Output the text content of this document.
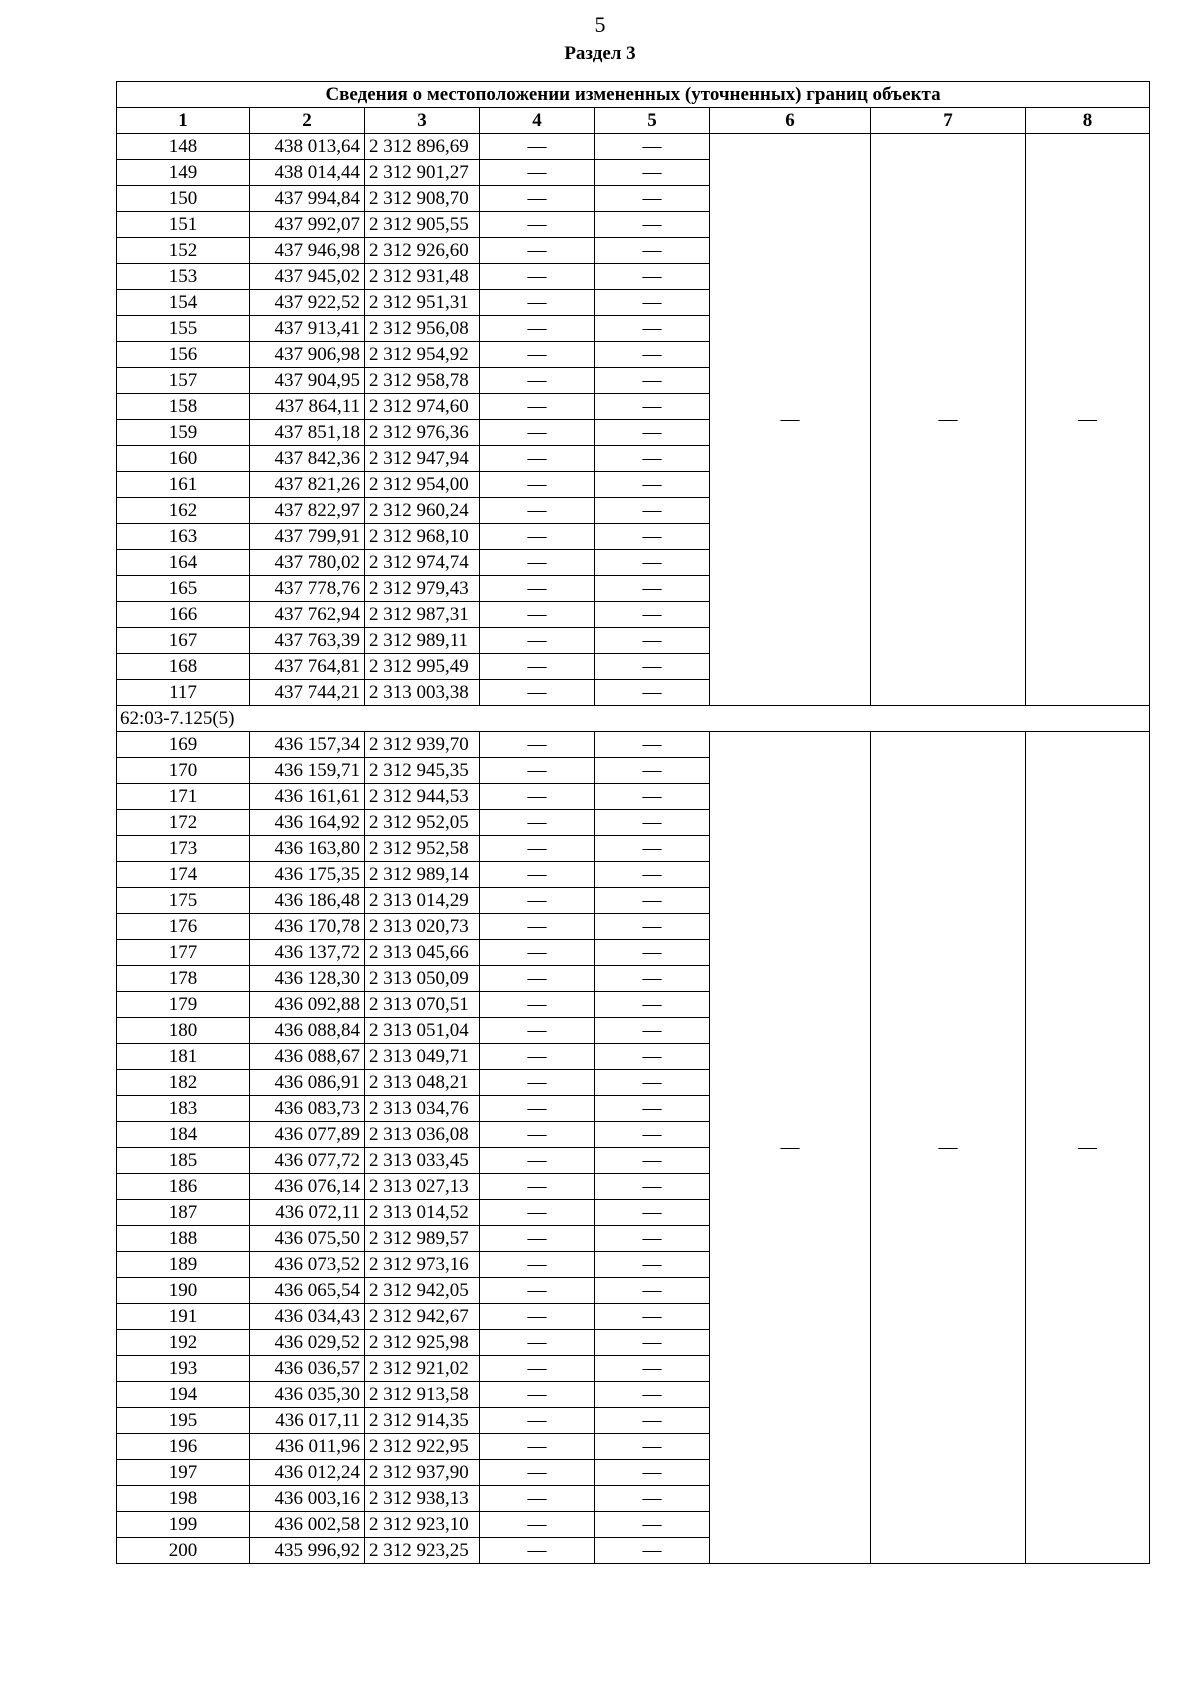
5
Раздел 3
Сведения о местоположении измененных (уточненных) границ объекта							
1	2	3	4	5	6	7	8
148	438 013,64	2 312 896,69	—	—	—	—	—
149	438 014,44	2 312 901,27	—	—			
150	437 994,84	2 312 908,70	—	—			
151	437 992,07	2 312 905,55	—	—			
152	437 946,98	2 312 926,60	—	—			
153	437 945,02	2 312 931,48	—	—			
154	437 922,52	2 312 951,31	—	—			
155	437 913,41	2 312 956,08	—	—			
156	437 906,98	2 312 954,92	—	—			
157	437 904,95	2 312 958,78	—	—			
158	437 864,11	2 312 974,60	—	—			
159	437 851,18	2 312 976,36	—	—			
160	437 842,36	2 312 947,94	—	—			
161	437 821,26	2 312 954,00	—	—			
162	437 822,97	2 312 960,24	—	—			
163	437 799,91	2 312 968,10	—	—			
164	437 780,02	2 312 974,74	—	—			
165	437 778,76	2 312 979,43	—	—			
166	437 762,94	2 312 987,31	—	—			
167	437 763,39	2 312 989,11	—	—			
168	437 764,81	2 312 995,49	—	—			
117	437 744,21	2 313 003,38	—	—			
62:03-7.125(5)							
169	436 157,34	2 312 939,70	—	—	—	—	—
170	436 159,71	2 312 945,35	—	—			
171	436 161,61	2 312 944,53	—	—			
172	436 164,92	2 312 952,05	—	—			
173	436 163,80	2 312 952,58	—	—			
174	436 175,35	2 312 989,14	—	—			
175	436 186,48	2 313 014,29	—	—			
176	436 170,78	2 313 020,73	—	—			
177	436 137,72	2 313 045,66	—	—			
178	436 128,30	2 313 050,09	—	—			
179	436 092,88	2 313 070,51	—	—			
180	436 088,84	2 313 051,04	—	—			
181	436 088,67	2 313 049,71	—	—			
182	436 086,91	2 313 048,21	—	—			
183	436 083,73	2 313 034,76	—	—			
184	436 077,89	2 313 036,08	—	—			
185	436 077,72	2 313 033,45	—	—			
186	436 076,14	2 313 027,13	—	—			
187	436 072,11	2 313 014,52	—	—			
188	436 075,50	2 312 989,57	—	—			
189	436 073,52	2 312 973,16	—	—			
190	436 065,54	2 312 942,05	—	—			
191	436 034,43	2 312 942,67	—	—			
192	436 029,52	2 312 925,98	—	—			
193	436 036,57	2 312 921,02	—	—			
194	436 035,30	2 312 913,58	—	—			
195	436 017,11	2 312 914,35	—	—			
196	436 011,96	2 312 922,95	—	—			
197	436 012,24	2 312 937,90	—	—			
198	436 003,16	2 312 938,13	—	—			
199	436 002,58	2 312 923,10	—	—			
200	435 996,92	2 312 923,25	—	—			
